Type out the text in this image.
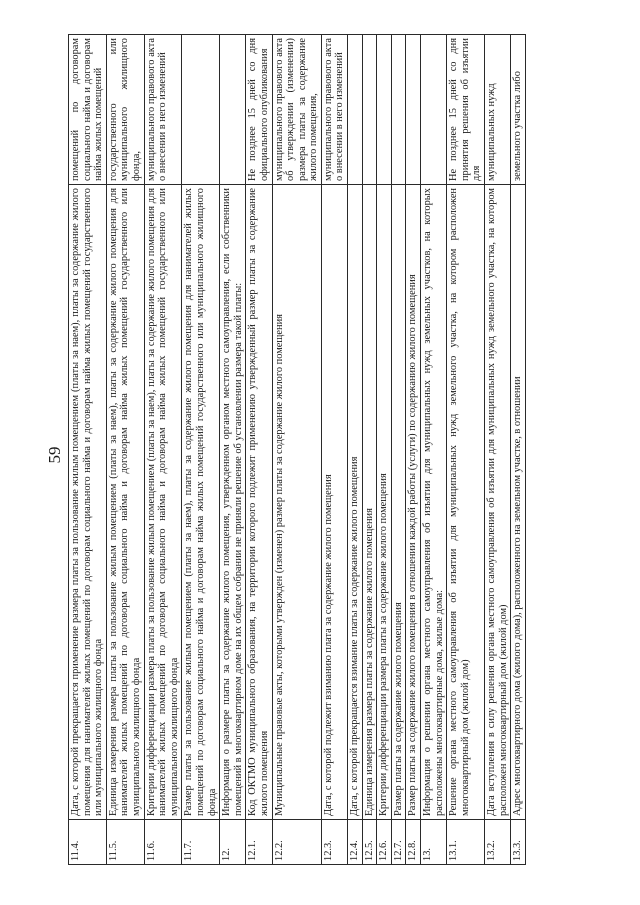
59
11.4.	Дата, с которой прекращается применение размера платы за пользование жилым помещением (платы за наем), платы за содержание жилого помещения для нанимателей жилых помещений по договорам социального найма и договорам найма жилых помещений государственного или муниципального жилищного фонда	помещений по договорам социального найма и договорам найма жилых помещений
11.5.	Единица измерения размера платы за пользование жилым помещением (платы за наем), платы за содержание жилого помещения для нанимателей жилых помещений по договорам социального найма и договорам найма жилых помещений государственного или муниципального жилищного фонда	государственного или муниципального жилищного фонда,
11.6.	Критерии дифференциации размера платы за пользование жилым помещением (платы за наем), платы за содержание жилого помещения для нанимателей жилых помещений по договорам социального найма и договорам найма жилых помещений государственного или муниципального жилищного фонда	муниципального правового акта о внесении в него изменений
11.7.	Размер платы за пользование жилым помещением (платы за наем), платы за содержание жилого помещения для нанимателей жилых помещений по договорам социального найма и договорам найма жилых помещений государственного или муниципального жилищного фонда	
12.	Информация о размере платы за содержание жилого помещения, утвержденном органом местного самоуправления, если собственники помещений в многоквартирном доме на их общем собрании не приняли решение об установлении размера такой платы:	
12.1.	Код ОКТМО муниципального образования, на территории которого подлежит применению утвержденный размер платы за содержание жилого помещения	Не позднее 15 дней со дня официального опубликования
12.2.	Муниципальные правовые акты, которыми утвержден (изменен) размер платы за содержание жилого помещения	муниципального правового акта об утверждении (изменении) размера платы за содержание жилого помещения,
12.3.	Дата, с которой подлежит взиманию плата за содержание жилого помещения	муниципального правового акта о внесении в него изменений
12.4.	Дата, с которой прекращается взимание платы за содержание жилого помещения	
12.5.	Единица измерения размера платы за содержание жилого помещения	
12.6.	Критерии дифференциации размера платы за содержание жилого помещения	
12.7.	Размер платы за содержание жилого помещения	
12.8.	Размер платы за содержание жилого помещения в отношении каждой работы (услуги) по содержанию жилого помещения	
13.	Информация о решении органа местного самоуправления об изъятии для муниципальных нужд земельных участков, на которых расположены многоквартирные дома, жилые дома:	
13.1.	Решение органа местного самоуправления об изъятии для муниципальных нужд земельного участка, на котором расположен многоквартирный дом (жилой дом)	Не позднее 15 дней со дня принятия решения об изъятии для
13.2.	Дата вступления в силу решения органа местного самоуправления об изъятии для муниципальных нужд земельного участка, на котором расположен многоквартирный дом (жилой дом)	муниципальных нужд
13.3.	Адрес многоквартирного дома (жилого дома), расположенного на земельном участке, в отношении	земельного участка либо
